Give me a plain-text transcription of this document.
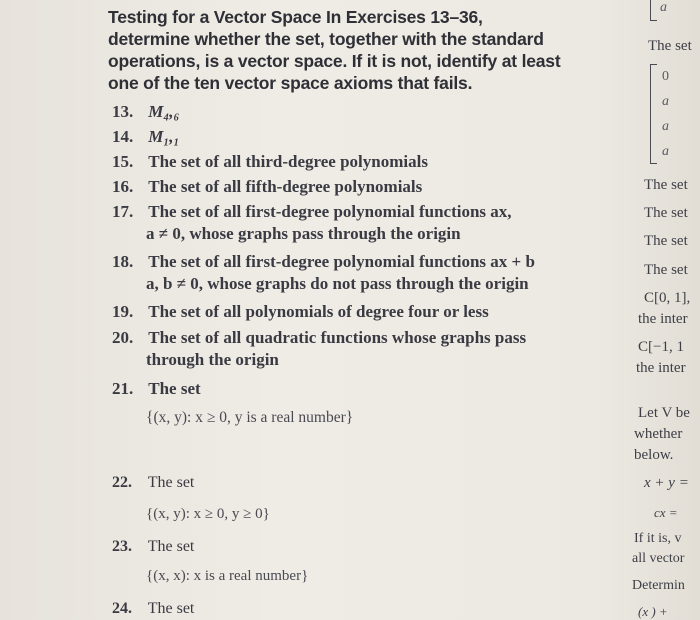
Testing for a Vector Space In Exercises 13–36,
determine whether the set, together with the standard
operations, is a vector space. If it is not, identify at least
one of the ten vector space axioms that fails.
13. M₄,₆
14. M₁,₁
15. The set of all third-degree polynomials
16. The set of all fifth-degree polynomials
17. The set of all first-degree polynomial functions ax,
a ≠ 0, whose graphs pass through the origin
18. The set of all first-degree polynomial functions ax + b
a, b ≠ 0, whose graphs do not pass through the origin
19. The set of all polynomials of degree four or less
20. The set of all quadratic functions whose graphs pass
through the origin
21. The set
{(x, y): x ≥ 0, y is a real number}
22. The set
{(x, y): x ≥ 0, y ≥ 0}
23. The set
{(x, x): x is a real number}
24. The set
a
The set
0
a
a
a
The set
The set
The set
The set
C[0, 1],
the inter
C[−1, 1
the inter
Let V be
whether
below.
x + y =
cx =
If it is, v
all vector
Determin
(x ) +
